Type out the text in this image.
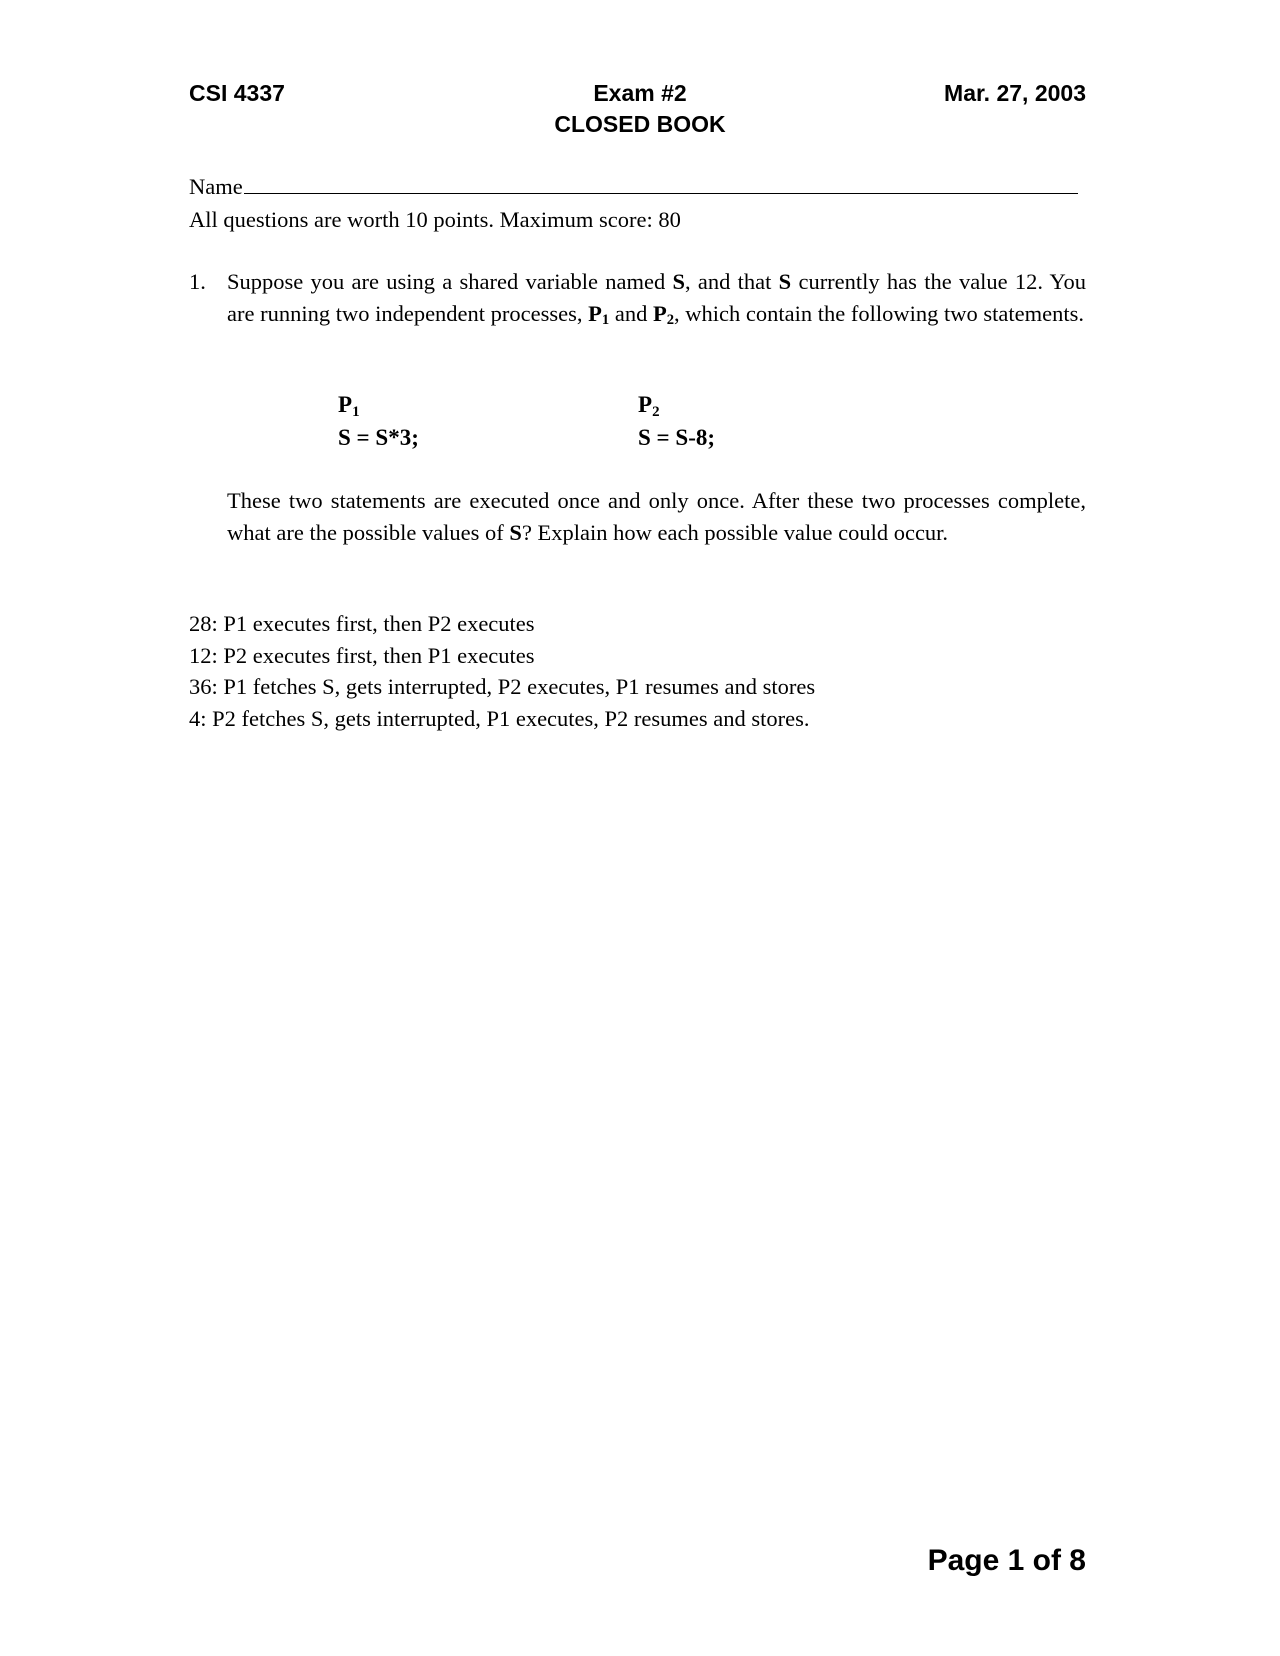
CSI 4337	Exam #2
CLOSED BOOK
Mar. 27, 2003
Name
All questions are worth 10 points. Maximum score: 80
1. Suppose you are using a shared variable named S, and that S currently has the value 12. You are running two independent processes, $P_1$ and $P_2$, which contain the following two statements.
$P_1$
S = S*3;
$P_2$
S = S-8;
These two statements are executed once and only once. After these two processes complete, what are the possible values of S? Explain how each possible value could occur.
28: P1 executes first, then P2 executes
12: P2 executes first, then P1 executes
36: P1 fetches S, gets interrupted, P2 executes, P1 resumes and stores
4: P2 fetches S, gets interrupted, P1 executes, P2 resumes and stores.
Page 1 of 8
